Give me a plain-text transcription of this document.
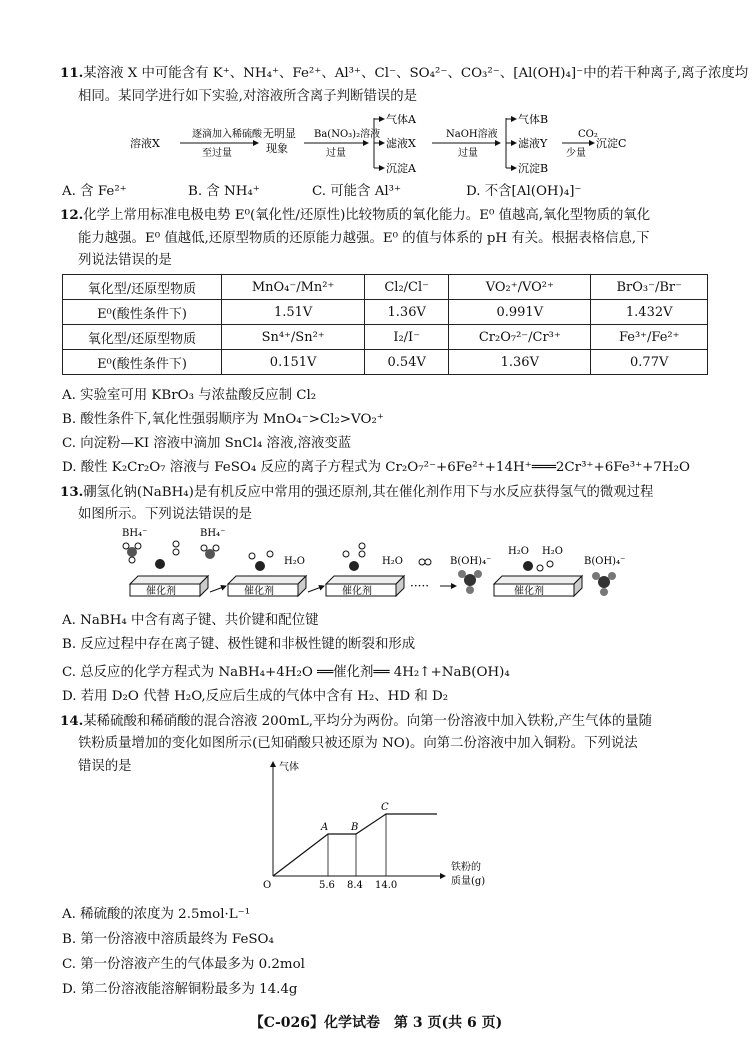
11.某溶液 X 中可能含有 K⁺、NH₄⁺、Fe²⁺、Al³⁺、Cl⁻、SO₄²⁻、CO₃²⁻、[Al(OH)₄]⁻中的若干种离子,离子浓度均
相同。某同学进行如下实验,对溶液所含离子判断错误的是
溶液X
逐滴加入稀硫酸
至过量
无明显
现象
Ba(NO₃)₂溶液
过量
气体A
滤液X
沉淀A
NaOH溶液
过量
气体B
滤液Y
沉淀B
CO₂
少量
沉淀C
A. 含 Fe²⁺	B. 含 NH₄⁺	C. 可能含 Al³⁺	D. 不含[Al(OH)₄]⁻
12.化学上常用标准电极电势 E⁰(氧化性/还原性)比较物质的氧化能力。E⁰ 值越高,氧化型物质的氧化
能力越强。E⁰ 值越低,还原型物质的还原能力越强。E⁰ 的值与体系的 pH 有关。根据表格信息,下
列说法错误的是
氧化型/还原型物质	MnO₄⁻/Mn²⁺	Cl₂/Cl⁻	VO₂⁺/VO²⁺	BrO₃⁻/Br⁻
E⁰(酸性条件下)	1.51V	1.36V	0.991V	1.432V
氧化型/还原型物质	Sn⁴⁺/Sn²⁺	I₂/I⁻	Cr₂O₇²⁻/Cr³⁺	Fe³⁺/Fe²⁺
E⁰(酸性条件下)	0.151V	0.54V	1.36V	0.77V
A. 实验室可用 KBrO₃ 与浓盐酸反应制 Cl₂
B. 酸性条件下,氧化性强弱顺序为 MnO₄⁻>Cl₂>VO₂⁺
C. 向淀粉—KI 溶液中滴加 SnCl₄ 溶液,溶液变蓝
D. 酸性 K₂Cr₂O₇ 溶液与 FeSO₄ 反应的离子方程式为 Cr₂O₇²⁻+6Fe²⁺+14H⁺═══2Cr³⁺+6Fe³⁺+7H₂O
13.硼氢化钠(NaBH₄)是有机反应中常用的强还原剂,其在催化剂作用下与水反应获得氢气的微观过程
如图所示。下列说法错误的是
催化剂
BH₄⁻	BH₄⁻
催化剂
H₂O
催化剂
H₂O
·····
B(OH)₄⁻
催化剂
H₂O H₂O
B(OH)₄⁻
A. NaBH₄ 中含有离子键、共价键和配位键
B. 反应过程中存在离子键、极性键和非极性键的断裂和形成
C. 总反应的化学方程式为 NaBH₄+4H₂O ══催化剂══ 4H₂↑+NaB(OH)₄
D. 若用 D₂O 代替 H₂O,反应后生成的气体中含有 H₂、HD 和 D₂
14.某稀硫酸和稀硝酸的混合溶液 200mL,平均分为两份。向第一份溶液中加入铁粉,产生气体的量随
铁粉质量增加的变化如图所示(已知硝酸只被还原为 NO)。向第二份溶液中加入铜粉。下列说法
错误的是	气体
O
铁粉的
质量(g)
A B
C
5.6 8.4 14.0
A. 稀硫酸的浓度为 2.5mol·L⁻¹
B. 第一份溶液中溶质最终为 FeSO₄
C. 第一份溶液产生的气体最多为 0.2mol
D. 第二份溶液能溶解铜粉最多为 14.4g
【C-026】化学试卷　第 3 页(共 6 页)
